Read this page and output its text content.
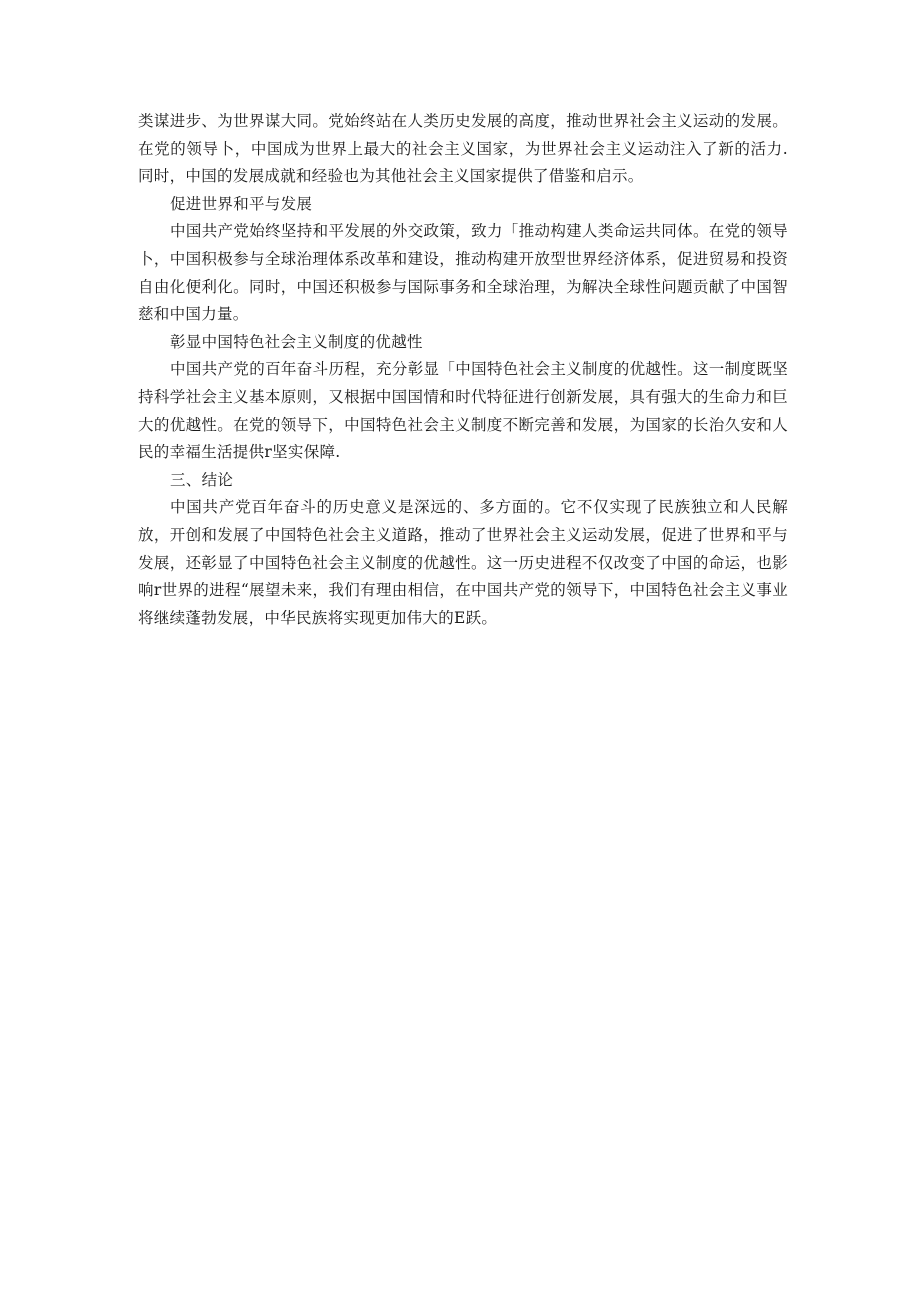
类谋进步、为世界谋大同。党始终站在人类历史发展的高度，推动世界社会主义运动的发展。在党的领导卜，中国成为世界上最大的社会主义国家，为世界社会主义运动注入了新的活力.同时，中国的发展成就和经验也为其他社会主义国家提供了借鉴和启示。

促进世界和平与发展

中国共产党始终坚持和平发展的外交政策，致力「推动构建人类命运共同体。在党的领导卜，中国积极参与全球治理体系改革和建设，推动构建开放型世界经济体系，促进贸易和投资自由化便利化。同时，中国还积极参与国际事务和全球治理，为解决全球性问题贡献了中国智慈和中国力量。

彰显中国特色社会主义制度的优越性

中国共产党的百年奋斗历程，充分彰显「中国特色社会主义制度的优越性。这一制度既坚持科学社会主义基本原则，又根据中国国情和时代特征进行创新发展，具有强大的生命力和巨大的优越性。在党的领导下，中国特色社会主义制度不断完善和发展，为国家的长治久安和人民的幸福生活提供r坚实保障.

三、结论

中国共产党百年奋斗的历史意义是深远的、多方面的。它不仅实现了民族独立和人民解放，开创和发展了中国特色社会主义道路，推动了世界社会主义运动发展，促进了世界和平与发展，还彰显了中国特色社会主义制度的优越性。这一历史进程不仅改变了中国的命运，也影响r世界的进程“展望未来，我们有理由相信，在中国共产党的领导下，中国特色社会主义事业将继续蓬勃发展，中华民族将实现更加伟大的E跃。
